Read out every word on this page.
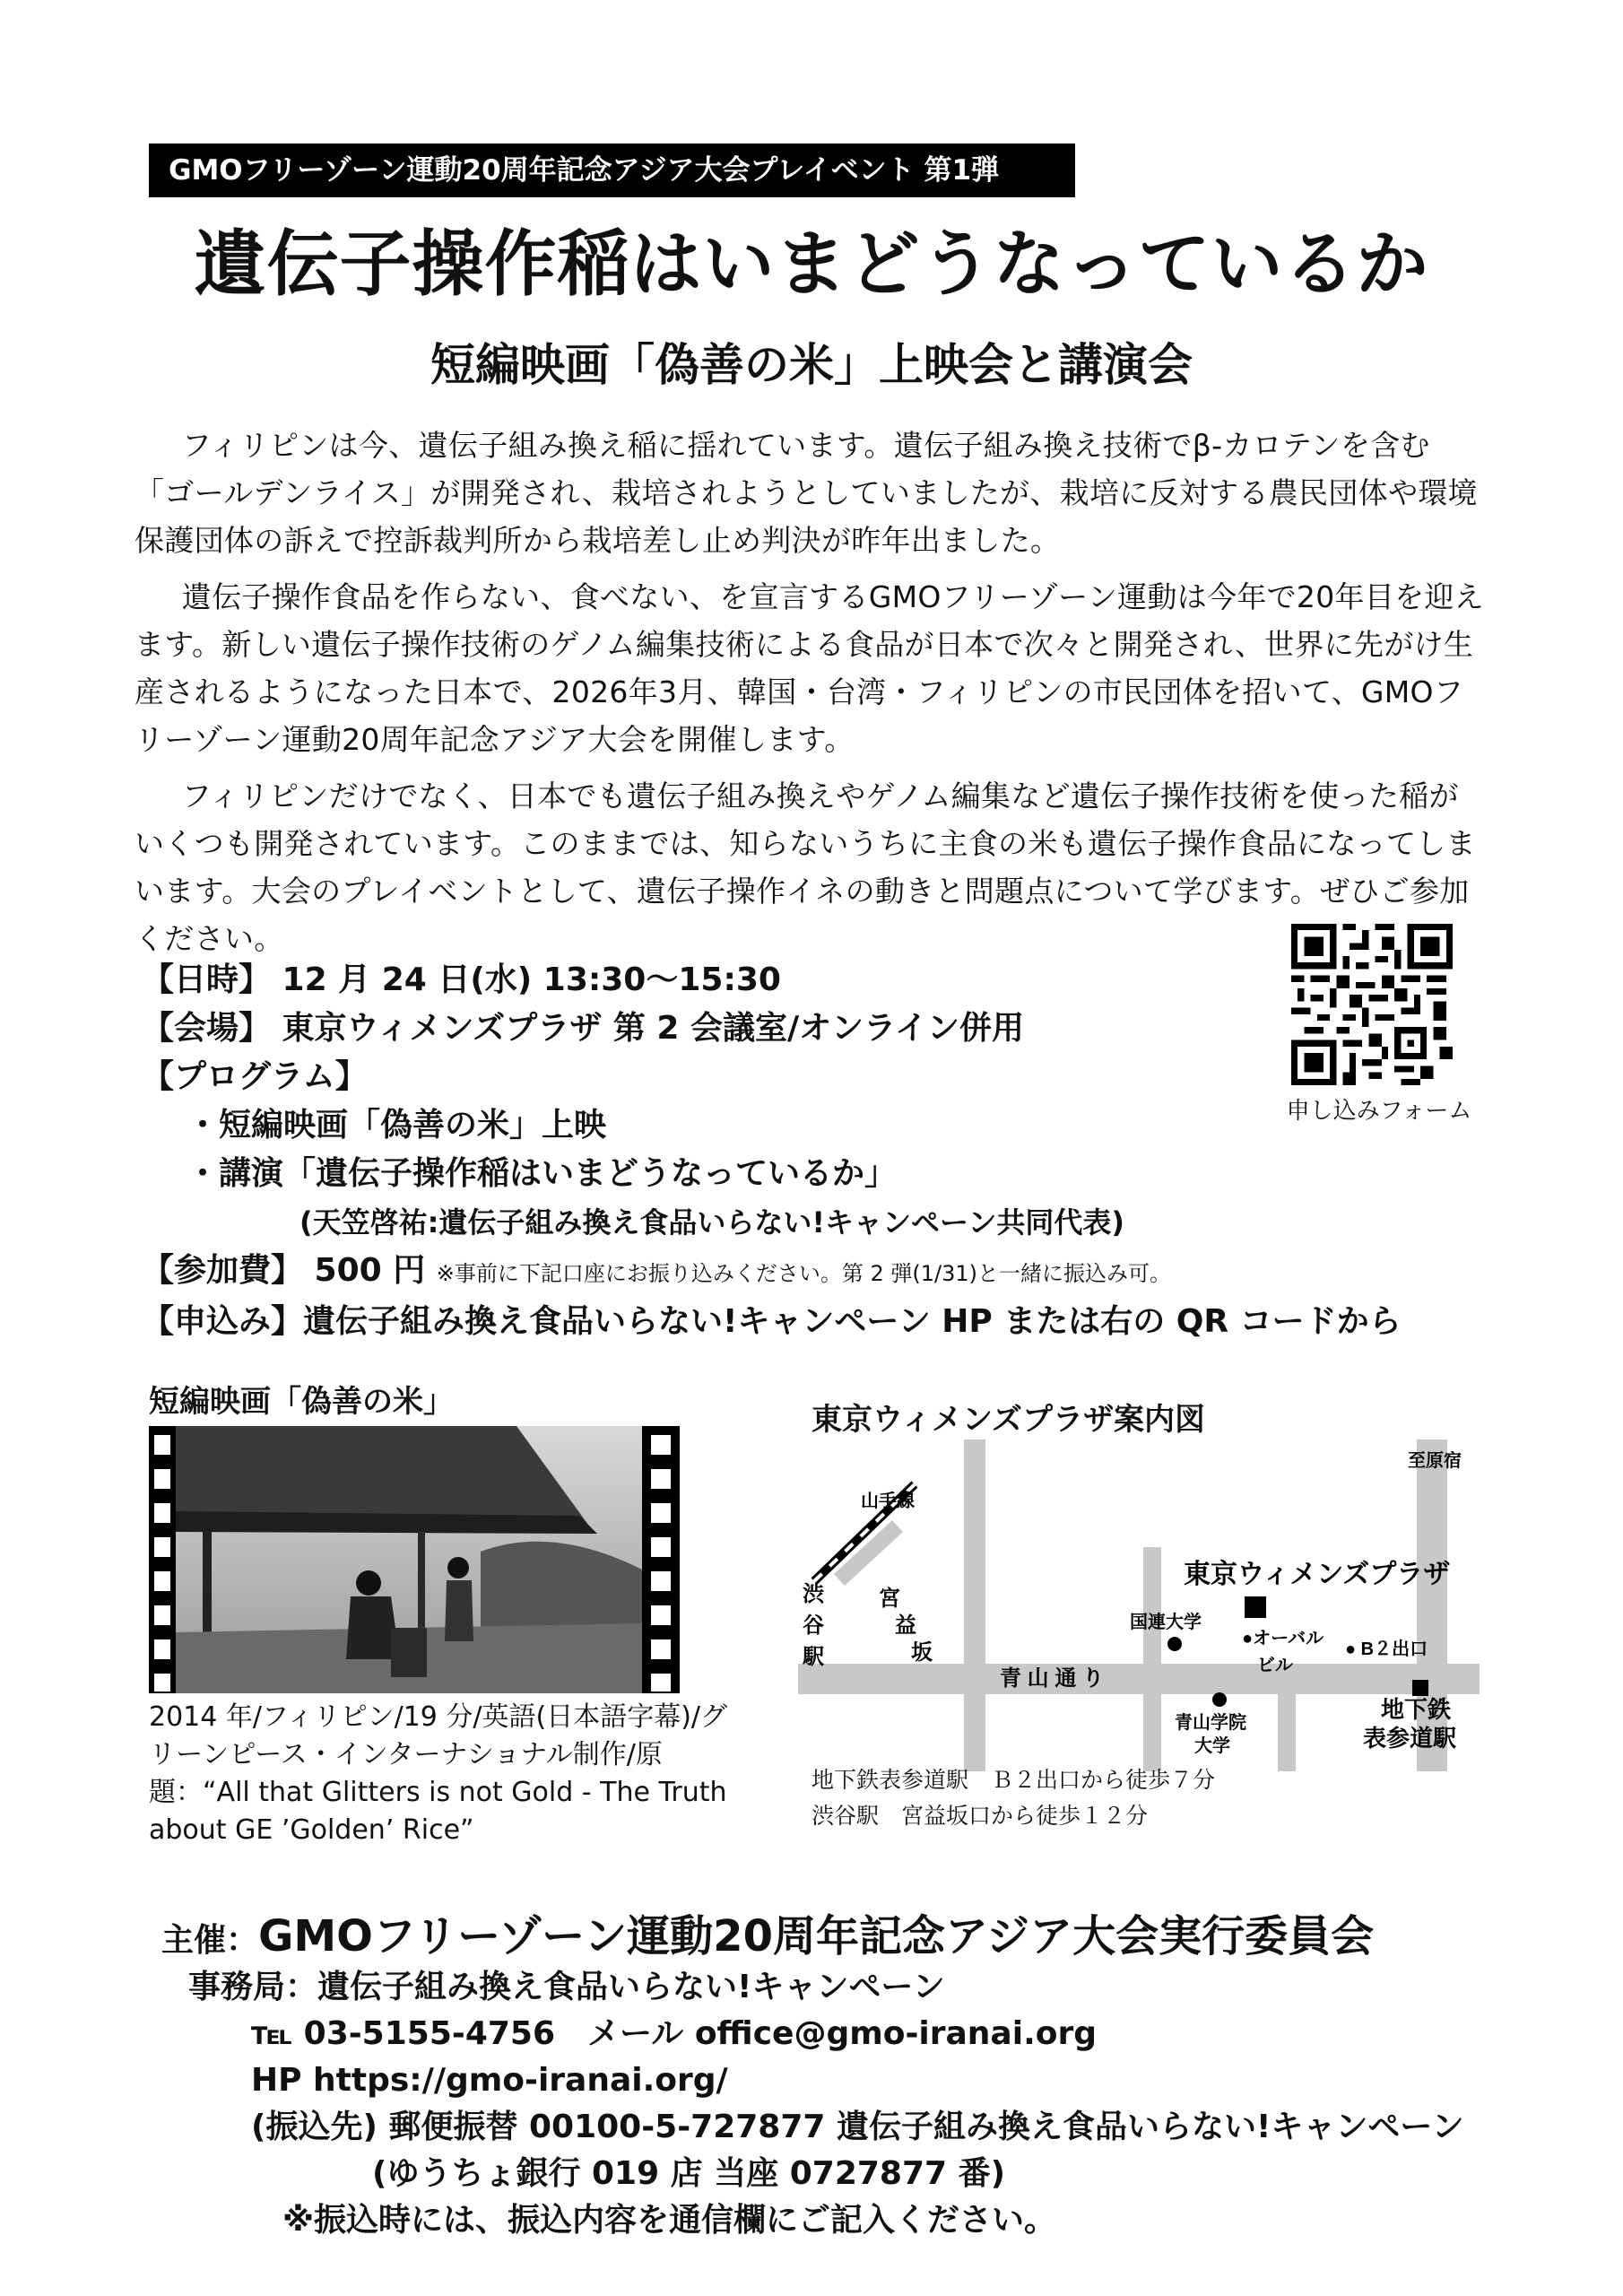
GMOフリーゾーン運動20周年記念アジア大会プレイベント 第1弾
遺伝子操作稲はいまどうなっているか
短編映画「偽善の米」上映会と講演会

フィリピンは今、遺伝子組み換え稲に揺れています。遺伝子組み換え技術でβ-カロテンを含む「ゴールデンライス」が開発され、栽培されようとしていましたが、栽培に反対する農民団体や環境保護団体の訴えで控訴裁判所から栽培差し止め判決が昨年出ました。

遺伝子操作食品を作らない、食べない、を宣言するGMOフリーゾーン運動は今年で20年目を迎えます。新しい遺伝子操作技術のゲノム編集技術による食品が日本で次々と開発され、世界に先がけ生産されるようになった日本で、2026年3月、韓国・台湾・フィリピンの市民団体を招いて、GMOフリーゾーン運動20周年記念アジア大会を開催します。

フィリピンだけでなく、日本でも遺伝子組み換えやゲノム編集など遺伝子操作技術を使った稲がいくつも開発されています。このままでは、知らないうちに主食の米も遺伝子操作食品になってしまいます。大会のプレイベントとして、遺伝子操作イネの動きと問題点について学びます。ぜひご参加ください。

【日時】 12 月 24 日(水) 13:30～15:30
【会場】 東京ウィメンズプラザ 第 2 会議室/オンライン併用
【プログラム】
・短編映画「偽善の米」上映
・講演「遺伝子操作稲はいまどうなっているか」
(天笠啓祐:遺伝子組み換え食品いらない!キャンペーン共同代表)
【参加費】 500 円 ※事前に下記口座にお振り込みください。第 2 弾(1/31)と一緒に振込み可。
【申込み】遺伝子組み換え食品いらない!キャンペーン HP または右の QR コードから
申し込みフォーム
短編映画「偽善の米」
2014 年/フィリピン/19 分/英語(日本語字幕)/グリーンピース・インターナショナル制作/原題：“All that Glitters is not Gold - The Truth about GE ’Golden’ Rice”
東京ウィメンズプラザ案内図
至原宿
山手線
渋
谷
駅
宮
益
坂
青 山 通 り
東京ウィメンズプラザ
国連大学
●オーバル
ビル
● B２出口
青山学院
大学
地下鉄
表参道駅
地下鉄表参道駅　Ｂ２出口から徒歩７分
渋谷駅　宮益坂口から徒歩１２分
主催：GMOフリーゾーン運動20周年記念アジア大会実行委員会
事務局：遺伝子組み換え食品いらない!キャンペーン
℡ 03-5155-4756　メール office@gmo-iranai.org
HP https://gmo-iranai.org/
(振込先) 郵便振替 00100-5-727877 遺伝子組み換え食品いらない!キャンペーン
(ゆうちょ銀行 019 店 当座 0727877 番)
※振込時には、振込内容を通信欄にご記入ください。
